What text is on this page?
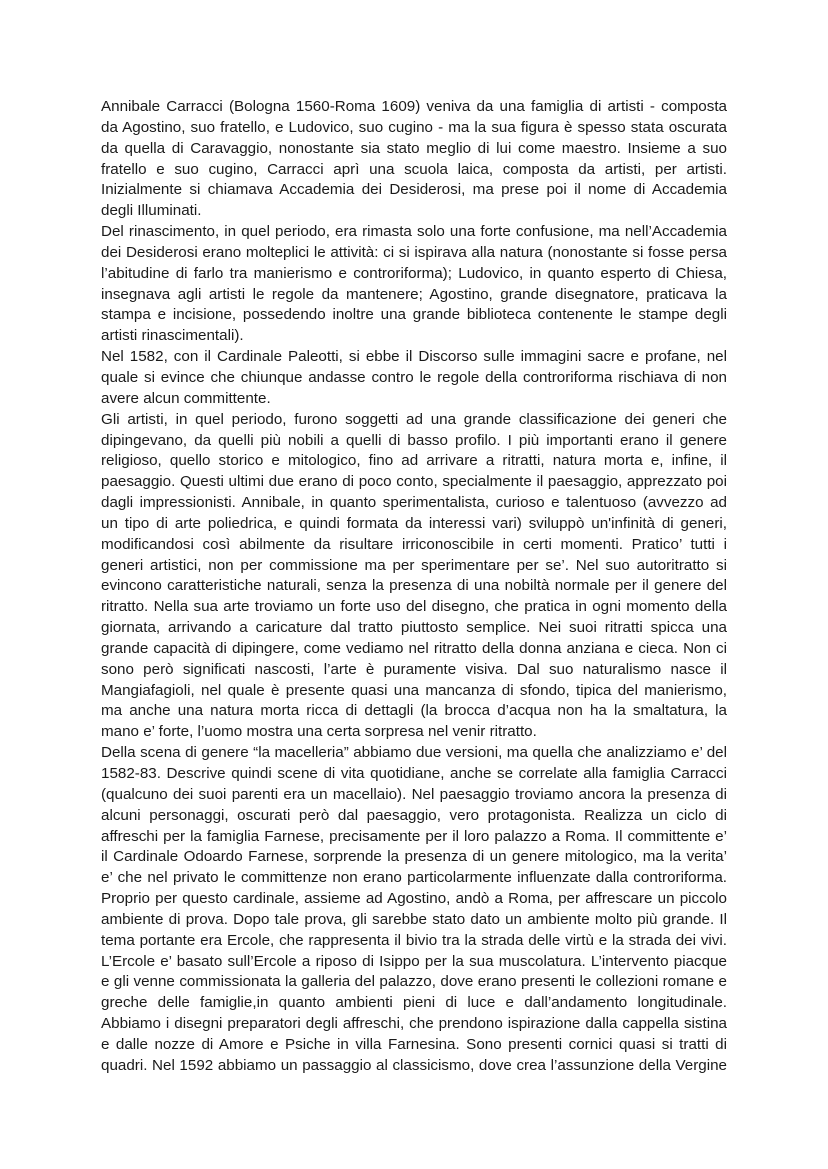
Annibale Carracci (Bologna 1560-Roma 1609) veniva da una famiglia di artisti - composta
da Agostino, suo fratello, e Ludovico, suo cugino - ma la sua figura è spesso stata oscurata
da quella di Caravaggio, nonostante sia stato meglio di lui come maestro. Insieme a suo
fratello e suo cugino, Carracci aprì una scuola laica, composta da artisti, per artisti.
Inizialmente si chiamava Accademia dei Desiderosi, ma prese poi il nome di Accademia
degli Illuminati.
Del rinascimento, in quel periodo, era rimasta solo una forte confusione, ma nell’Accademia
dei Desiderosi erano molteplici le attività: ci si ispirava alla natura (nonostante si fosse persa
l’abitudine di farlo tra manierismo e controriforma); Ludovico, in quanto esperto di Chiesa,
insegnava agli artisti le regole da mantenere; Agostino, grande disegnatore, praticava la
stampa e incisione, possedendo inoltre una grande biblioteca contenente le stampe degli
artisti rinascimentali).
Nel 1582, con il Cardinale Paleotti, si ebbe il Discorso sulle immagini sacre e profane, nel
quale si evince che chiunque andasse contro le regole della controriforma rischiava di non
avere alcun committente.
Gli artisti, in quel periodo, furono soggetti ad una grande classificazione dei generi che
dipingevano, da quelli più nobili a quelli di basso profilo. I più importanti erano il genere
religioso, quello storico e mitologico, fino ad arrivare a ritratti, natura morta e, infine, il
paesaggio. Questi ultimi due erano di poco conto, specialmente il paesaggio, apprezzato poi
dagli impressionisti. Annibale, in quanto sperimentalista, curioso e talentuoso (avvezzo ad
un tipo di arte poliedrica, e quindi formata da interessi vari) sviluppò un'infinità di generi,
modificandosi così abilmente da risultare irriconoscibile in certi momenti. Pratico’ tutti i
generi artistici, non per commissione ma per sperimentare per se’. Nel suo autoritratto si
evincono caratteristiche naturali, senza la presenza di una nobiltà normale per il genere del
ritratto. Nella sua arte troviamo un forte uso del disegno, che pratica in ogni momento della
giornata, arrivando a caricature dal tratto piuttosto semplice. Nei suoi ritratti spicca una
grande capacità di dipingere, come vediamo nel ritratto della donna anziana e cieca. Non ci
sono però significati nascosti, l’arte è puramente visiva. Dal suo naturalismo nasce il
Mangiafagioli, nel quale è presente quasi una mancanza di sfondo, tipica del manierismo,
ma anche una natura morta ricca di dettagli (la brocca d’acqua non ha la smaltatura, la
mano e’ forte, l’uomo mostra una certa sorpresa nel venir ritratto.
Della scena di genere “la macelleria” abbiamo due versioni, ma quella che analizziamo e’ del
1582-83. Descrive quindi scene di vita quotidiane, anche se correlate alla famiglia Carracci
(qualcuno dei suoi parenti era un macellaio). Nel paesaggio troviamo ancora la presenza di
alcuni personaggi, oscurati però dal paesaggio, vero protagonista. Realizza un ciclo di
affreschi per la famiglia Farnese, precisamente per il loro palazzo a Roma. Il committente e’
il Cardinale Odoardo Farnese, sorprende la presenza di un genere mitologico, ma la verita’
e’ che nel privato le committenze non erano particolarmente influenzate dalla controriforma.
Proprio per questo cardinale, assieme ad Agostino, andò a Roma, per affrescare un piccolo
ambiente di prova. Dopo tale prova, gli sarebbe stato dato un ambiente molto più grande. Il
tema portante era Ercole, che rappresenta il bivio tra la strada delle virtù e la strada dei vivi.
L’Ercole e’ basato sull’Ercole a riposo di Isippo per la sua muscolatura. L’intervento piacque
e gli venne commissionata la galleria del palazzo, dove erano presenti le collezioni romane e
greche delle famiglie,in quanto ambienti pieni di luce e dall’andamento longitudinale.
Abbiamo i disegni preparatori degli affreschi, che prendono ispirazione dalla cappella sistina
e dalle nozze di Amore e Psiche in villa Farnesina. Sono presenti cornici quasi si tratti di
quadri. Nel 1592 abbiamo un passaggio al classicismo, dove crea l’assunzione della Vergine
